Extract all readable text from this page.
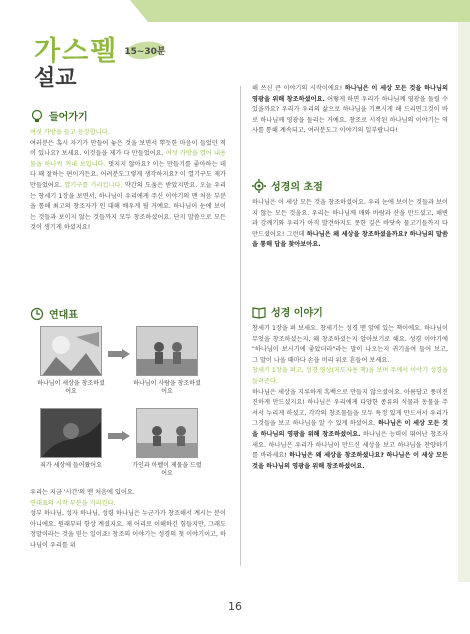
가스펠 15~30분
설교
들어가기
여섯 가방을 들고 등장합니다.
여러분은 혹시 자기가 만들어 놓은 것을 보면서 뿌듯한 마음이 들었던 적이 있나요? 보세요. 이것들을 제가 다 만들었어요. 여섯 가방을 열어 내용물을 하나씩 꺼내 보입니다. 멋지지 않아요? 이는 만들기를 좋아하는 데다 꽤 잘하는 편이거든요. 어려분도그렇게 생각하지요? 이 열기구도 제가 만들었어요. 열기구를 가리킵니다. 약간의 도움은 받았지만요. 오늘 우리는 창세기 1장을 보면서, 하나님이 우리에게 주신 이야기의 맨 처음 부분을 통해 최고의 창조자가 인 대해 배우게 될 거예요. 하나님이 눈에 보이는 것들과 보이지 않는 것들까지 모두 창조하셨어요. 단지 말씀으로 모든 것이 생기게 하셨지요!
연대표
하나님이 세상을 창조하셨어요
하나님이 사람을 창조하셨어요
죄가 세상에 들어왔어요	가인과 아벨이 제물을 드렸어요
우리는 지금 '시간'의 맨 처음에 있어요.
연대표의 시작 부분을 가리킨다.
성부 하나님, 성자 하나님, 성령 하나님은 누군가가 창조해서 계시는 분이 아니에요. 원래부터 항상 계셨지요. 제 어리로 이해하긴 힘들지만, 그래도 정말이라는 것을 믿는 일이죠! 창조의 이야기는 성경의 첫 이야기이고, 하나님이 우리를 위
해 쓰신 큰 이야기의 시작이에요! 하나님은 이 세상 모든 것을 하나님의 영광을 위해 창조하셨어요. 어떻게 하면 우리가 하나님께 영광을 돌릴 수 있을까요? 우리가 우리의 삶으로 하나님을 기쁘시게 해 드리면그것이 바로 하나님께 영광을 돌리는 거예요. 창조로 시작된 하나님의 이야기는 역사를 통해 계속되고, 여러분도그 이야기의 일부랍니다!
성경의 초점
하나님은 이 세상 모든 것을 창조하셨어요. 우리 눈에 보이는 것들과 보이지 않는 모든 것을요. 우리는 하나님께 매와 바람과 산을 만드셨고, 해변과 강께기와 우리가 아직 발견하지도 못한 깊은 바닷속 물고기들까지 다 만드셨어요! 그런데 하나님은 왜 세상을 창조하셨을까요? 하나님의 말씀을 통해 답을 찾아보아요.
성경 이야기
창세기 1장을 펴 보세요. 창세기는 성경 맨 앞에 있는 책이에요. 하나님이 무엇을 창조하셨는지, 왜 창조하셨는지 알아보기로 해요. 성경 이야기에 "하나님이 보시기에 좋았더라"라는 말이 나오는지 귀기울여 들어 보고, 그 말이 나올 때마다 손을 머리 위로 흔들어 보세요.
창세기 1장을 펴고, 성경 영상(지도자용 책)을 보며 주께서 이야기 성경을 들려준다.
하나님은 세상을 지루하게 흑백으로 만들지 않으셨어요. 아름답고 풍미진진하게 만드셨지요! 하나님은 우리에게 다양한 종류의 식물과 동물을 주셔서 누리게 하셨고, 각각의 창조물들을 모두 특정 있게 만드셔서 우리가 그것들을 보고 하나님을 알 수 있게 하셨어요. 하나님은 이 세상 모든 것을 하나님의 영광을 위해 창조하셨어요. 하나님은 능력이 뛰어난 창조자세요. 하나님은 우리가 하나님이 만드신 세상을 보고 하나님을 찬양하기를 바라세요! 하나님은 왜 세상을 창조하셨나요? 하나님은 이 세상 모든 것을 하나님의 영광을 위해 창조하셨어요.
16
